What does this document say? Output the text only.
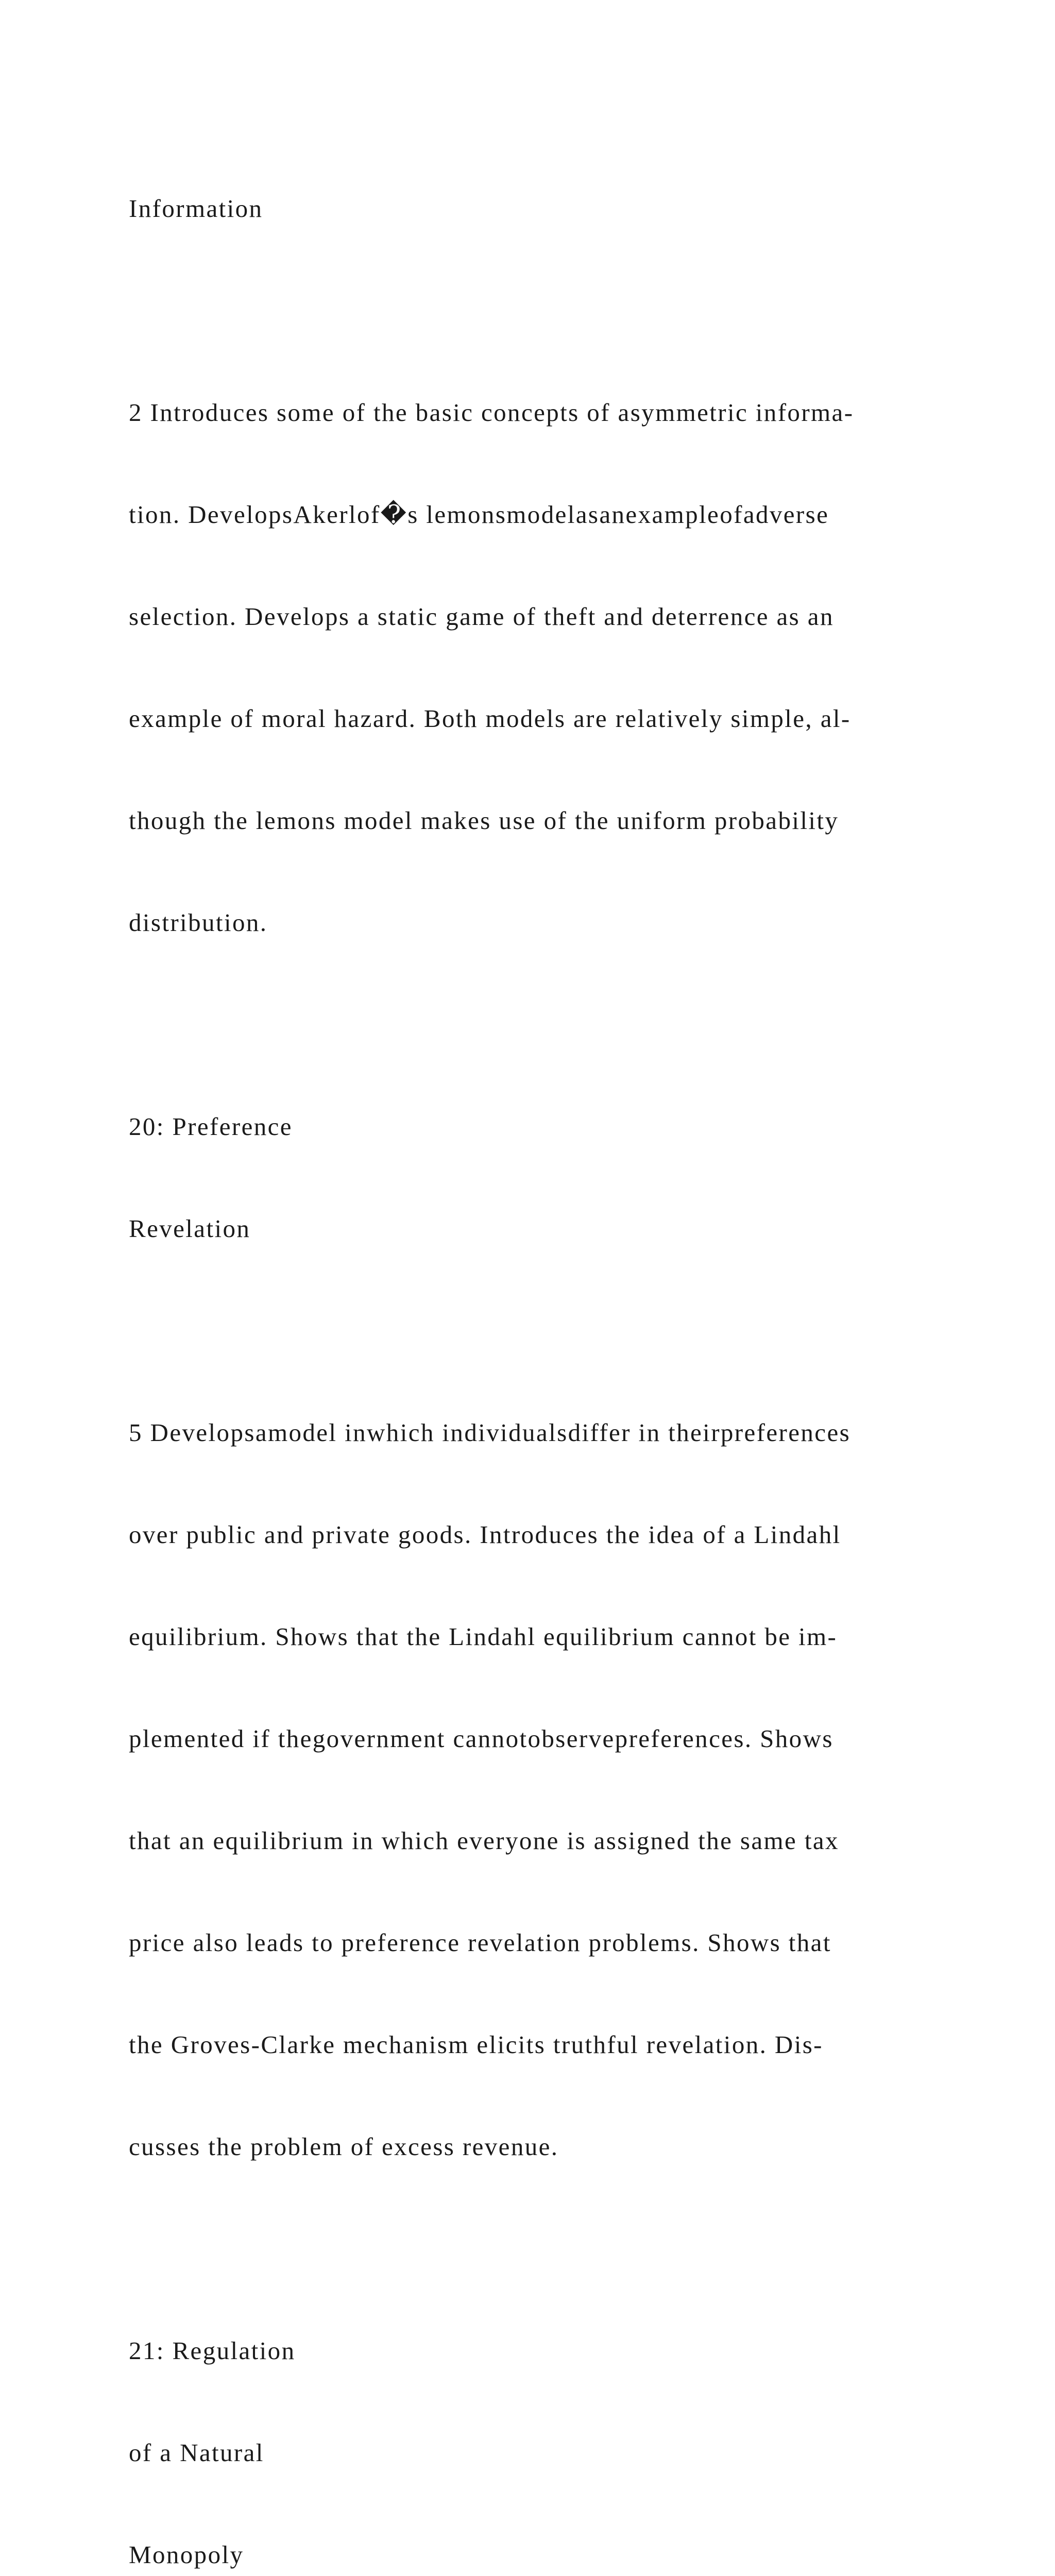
Information

2 Introduces some of the basic concepts of asymmetric informa-

tion. DevelopsAkerlof�s lemonsmodelasanexampleofadverse

selection. Develops a static game of theft and deterrence as an

example of moral hazard. Both models are relatively simple, al-

though the lemons model makes use of the uniform probability

distribution.

20: Preference

Revelation

5 Developsamodel inwhich individualsdiffer in theirpreferences

over public and private goods. Introduces the idea of a Lindahl

equilibrium. Shows that the Lindahl equilibrium cannot be im-

plemented if thegovernment cannotobservepreferences. Shows

that an equilibrium in which everyone is assigned the same tax

price also leads to preference revelation problems. Shows that

the Groves-Clarke mechanism elicits truthful revelation. Dis-

cusses the problem of excess revenue.

21: Regulation

of a Natural

Monopoly
